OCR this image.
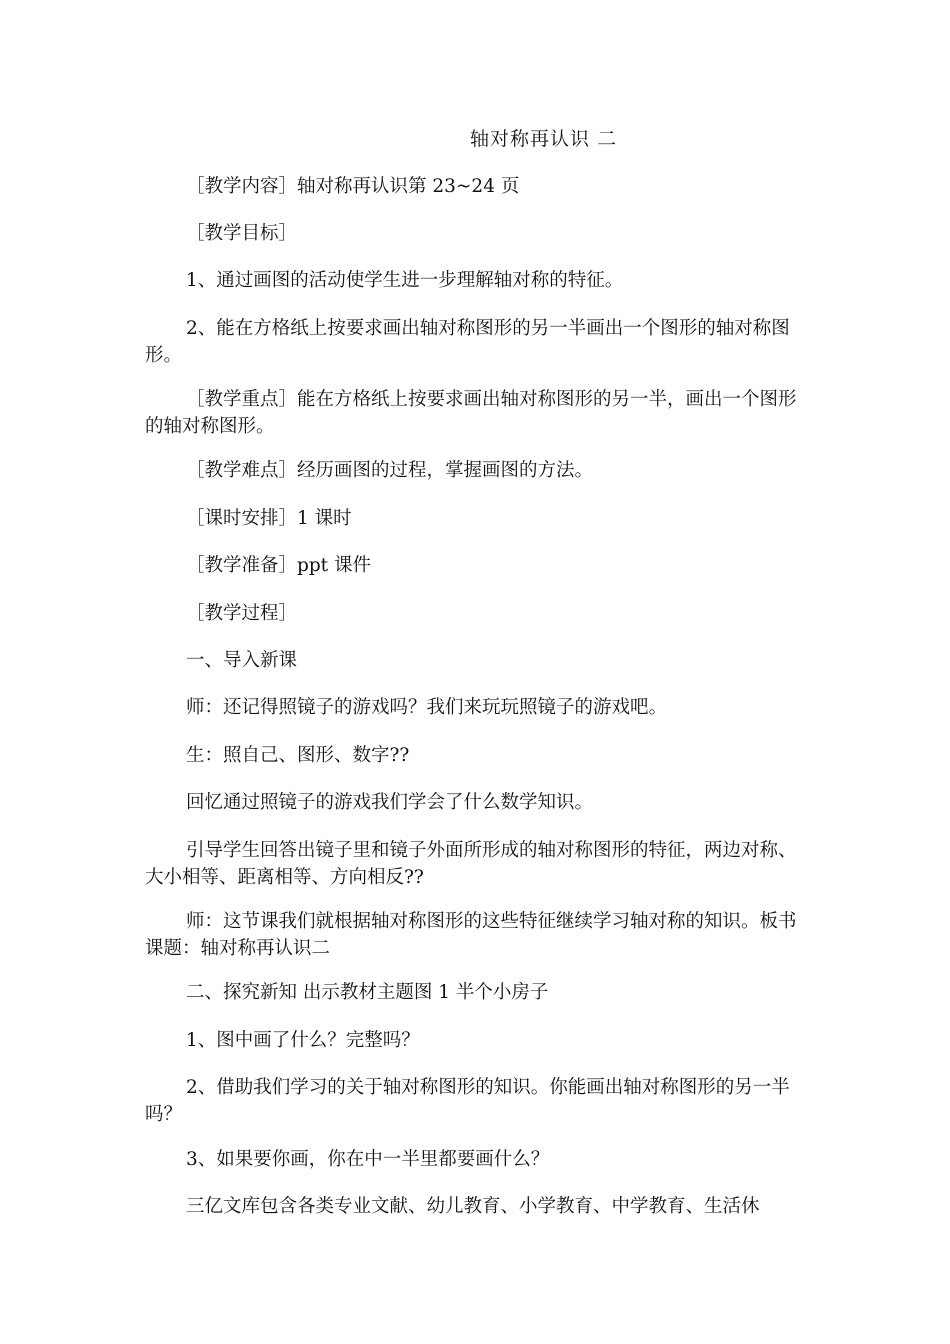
轴对称再认识 二
［教学内容］轴对称再认识第 23~24 页
［教学目标］
1、通过画图的活动使学生进一步理解轴对称的特征。
2、能在方格纸上按要求画出轴对称图形的另一半画出一个图形的轴对称图形。
［教学重点］能在方格纸上按要求画出轴对称图形的另一半，画出一个图形的轴对称图形。
［教学难点］经历画图的过程，掌握画图的方法。
［课时安排］1 课时
［教学准备］ppt 课件
［教学过程］
一、导入新课
师：还记得照镜子的游戏吗？我们来玩玩照镜子的游戏吧。
生：照自己、图形、数字??
回忆通过照镜子的游戏我们学会了什么数学知识。
引导学生回答出镜子里和镜子外面所形成的轴对称图形的特征，两边对称、大小相等、距离相等、方向相反??
师：这节课我们就根据轴对称图形的这些特征继续学习轴对称的知识。板书课题：轴对称再认识二
二、探究新知 出示教材主题图 1 半个小房子
1、图中画了什么？完整吗？
2、借助我们学习的关于轴对称图形的知识。你能画出轴对称图形的另一半吗？
3、如果要你画，你在中一半里都要画什么？
三亿文库包含各类专业文献、幼儿教育、小学教育、中学教育、生活休
